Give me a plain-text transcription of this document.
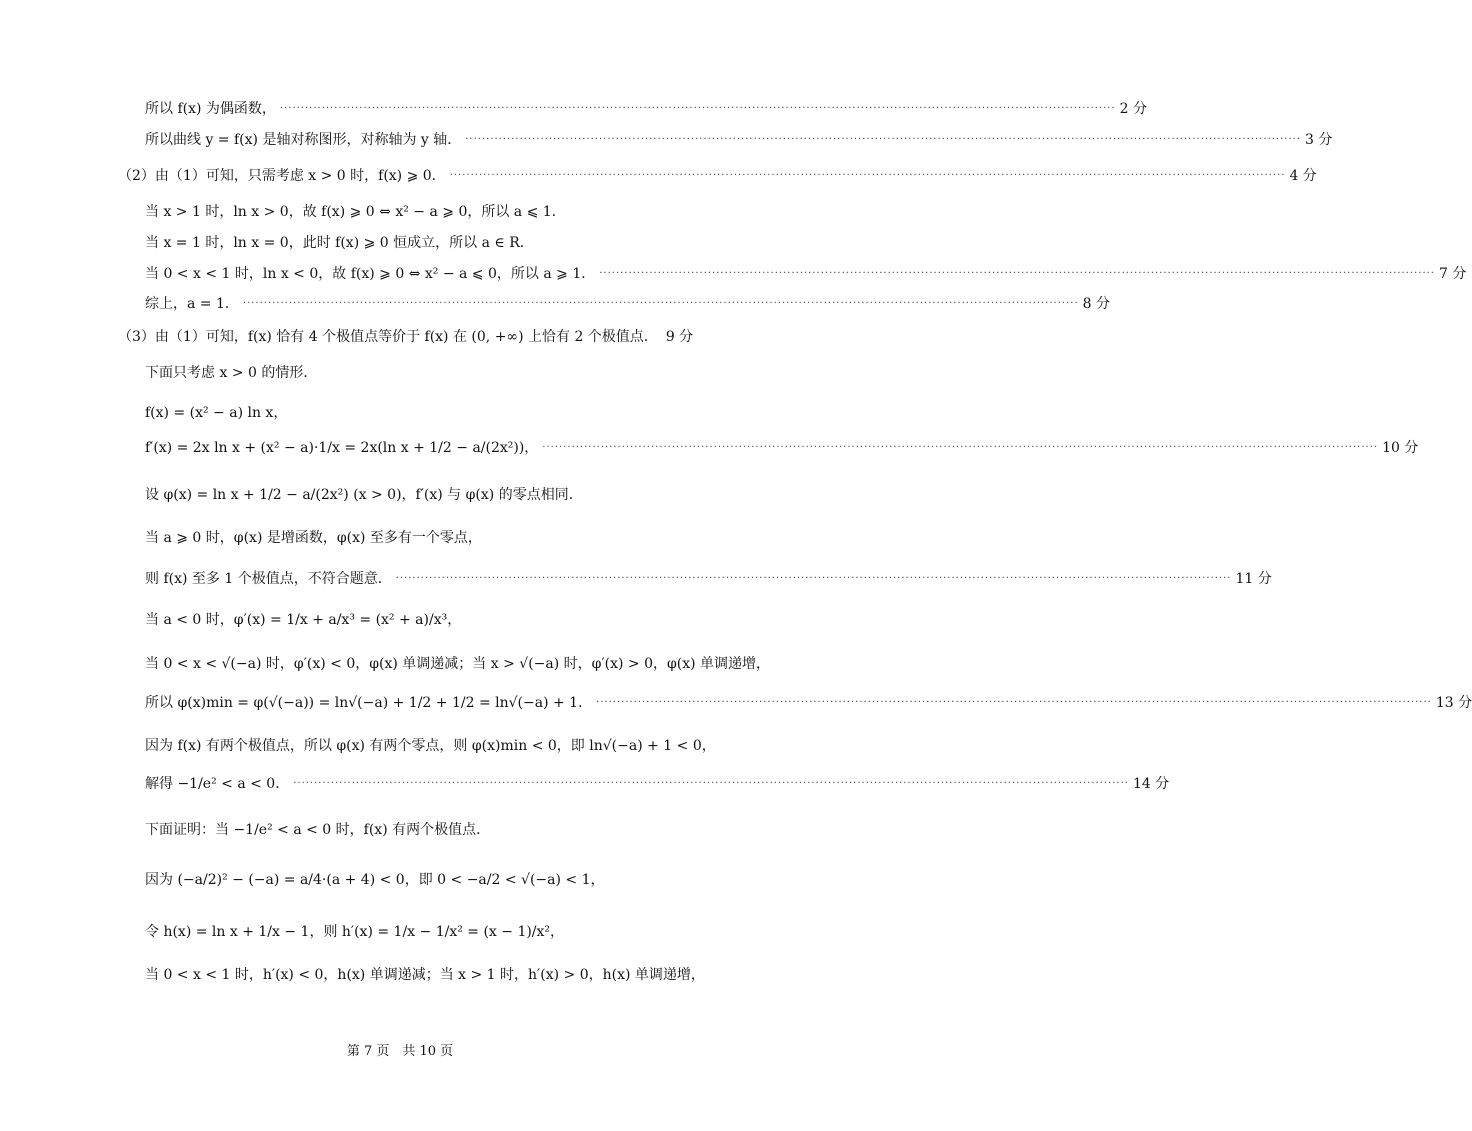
所以 f(x) 为偶函数， ········································································································································································································ 2 分
所以曲线 y = f(x) 是轴对称图形，对称轴为 y 轴． ········································································································································································································ 3 分
（2）由（1）可知，只需考虑 x > 0 时，f(x) ⩾ 0． ········································································································································································································ 4 分
当 x > 1 时，ln x > 0，故 f(x) ⩾ 0 ⇔ x² − a ⩾ 0，所以 a ⩽ 1．
当 x = 1 时，ln x = 0，此时 f(x) ⩾ 0 恒成立，所以 a ∈ R．
当 0 < x < 1 时，ln x < 0，故 f(x) ⩾ 0 ⇔ x² − a ⩽ 0，所以 a ⩾ 1． ········································································································································································································ 7 分
综上，a = 1． ········································································································································································································ 8 分
（3）由（1）可知，f(x) 恰有 4 个极值点等价于 f(x) 在 (0, +∞) 上恰有 2 个极值点． 9 分
下面只考虑 x > 0 的情形．
f(x) = (x² − a) ln x，
f′(x) = 2x ln x + (x² − a)·1/x = 2x(ln x + 1/2 − a/(2x²))， ········································································································································································································ 10 分
设 φ(x) = ln x + 1/2 − a/(2x²) (x > 0)，f′(x) 与 φ(x) 的零点相同．
当 a ⩾ 0 时，φ(x) 是增函数，φ(x) 至多有一个零点，
则 f(x) 至多 1 个极值点，不符合题意． ········································································································································································································ 11 分
当 a < 0 时，φ′(x) = 1/x + a/x³ = (x² + a)/x³，
当 0 < x < √(−a) 时，φ′(x) < 0，φ(x) 单调递减；当 x > √(−a) 时，φ′(x) > 0，φ(x) 单调递增，
所以 φ(x)min = φ(√(−a)) = ln√(−a) + 1/2 + 1/2 = ln√(−a) + 1． ········································································································································································································ 13 分
因为 f(x) 有两个极值点，所以 φ(x) 有两个零点，则 φ(x)min < 0，即 ln√(−a) + 1 < 0，
解得 −1/e² < a < 0． ········································································································································································································ 14 分
下面证明：当 −1/e² < a < 0 时，f(x) 有两个极值点．
因为 (−a/2)² − (−a) = a/4·(a + 4) < 0，即 0 < −a/2 < √(−a) < 1，
令 h(x) = ln x + 1/x − 1，则 h′(x) = 1/x − 1/x² = (x − 1)/x²，
当 0 < x < 1 时，h′(x) < 0，h(x) 单调递减；当 x > 1 时，h′(x) > 0，h(x) 单调递增，
第 7 页　共 10 页
